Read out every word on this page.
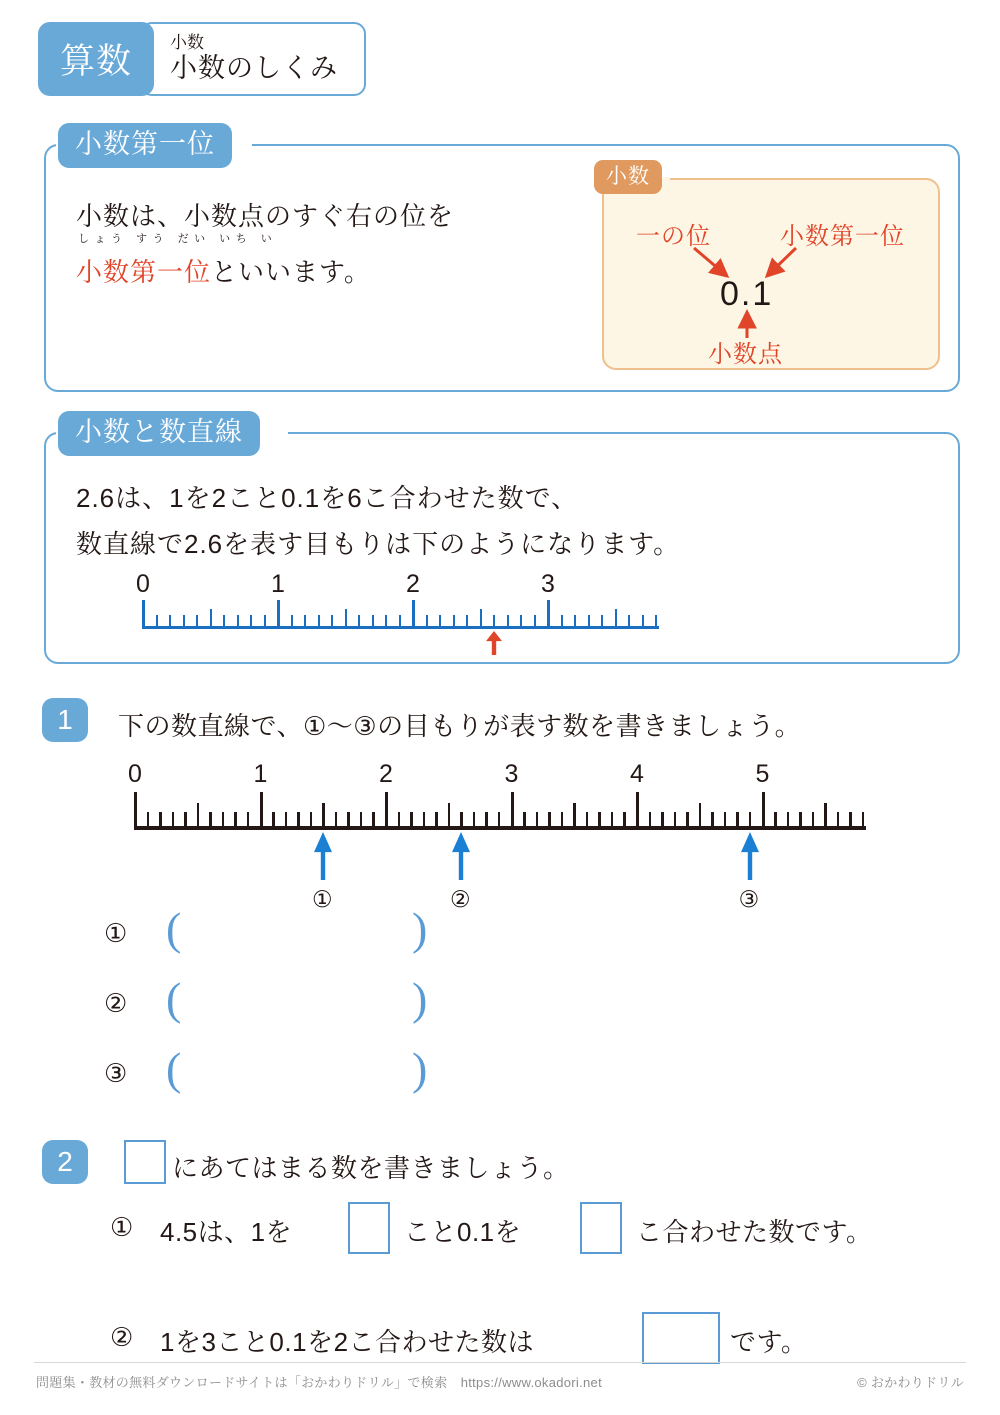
算数	小数
小数のしくみ
小数第一位
小数は、小数点のすぐ右の位を
しょう すう だい いち い
小数第一位といいます。
小数
一の位	小数第一位
0.1
小数点
小数と数直線
2.6は、1を2こと0.1を6こ合わせた数で、
数直線で2.6を表す目もりは下のようになります。
0	1	2	3
1	下の数直線で、①〜③の目もりが表す数を書きましょう。
0	1	2	3	4	5
①	②	③
① (	)
② (	)
③ (	)
2	にあてはまる数を書きましょう。
① 4.5は、1を	こと0.1を	こ合わせた数です。
② 1を3こと0.1を2こ合わせた数は	です。
問題集・教材の無料ダウンロードサイトは「おかわりドリル」で検索　https://www.okadori.net	© おかわりドリル
